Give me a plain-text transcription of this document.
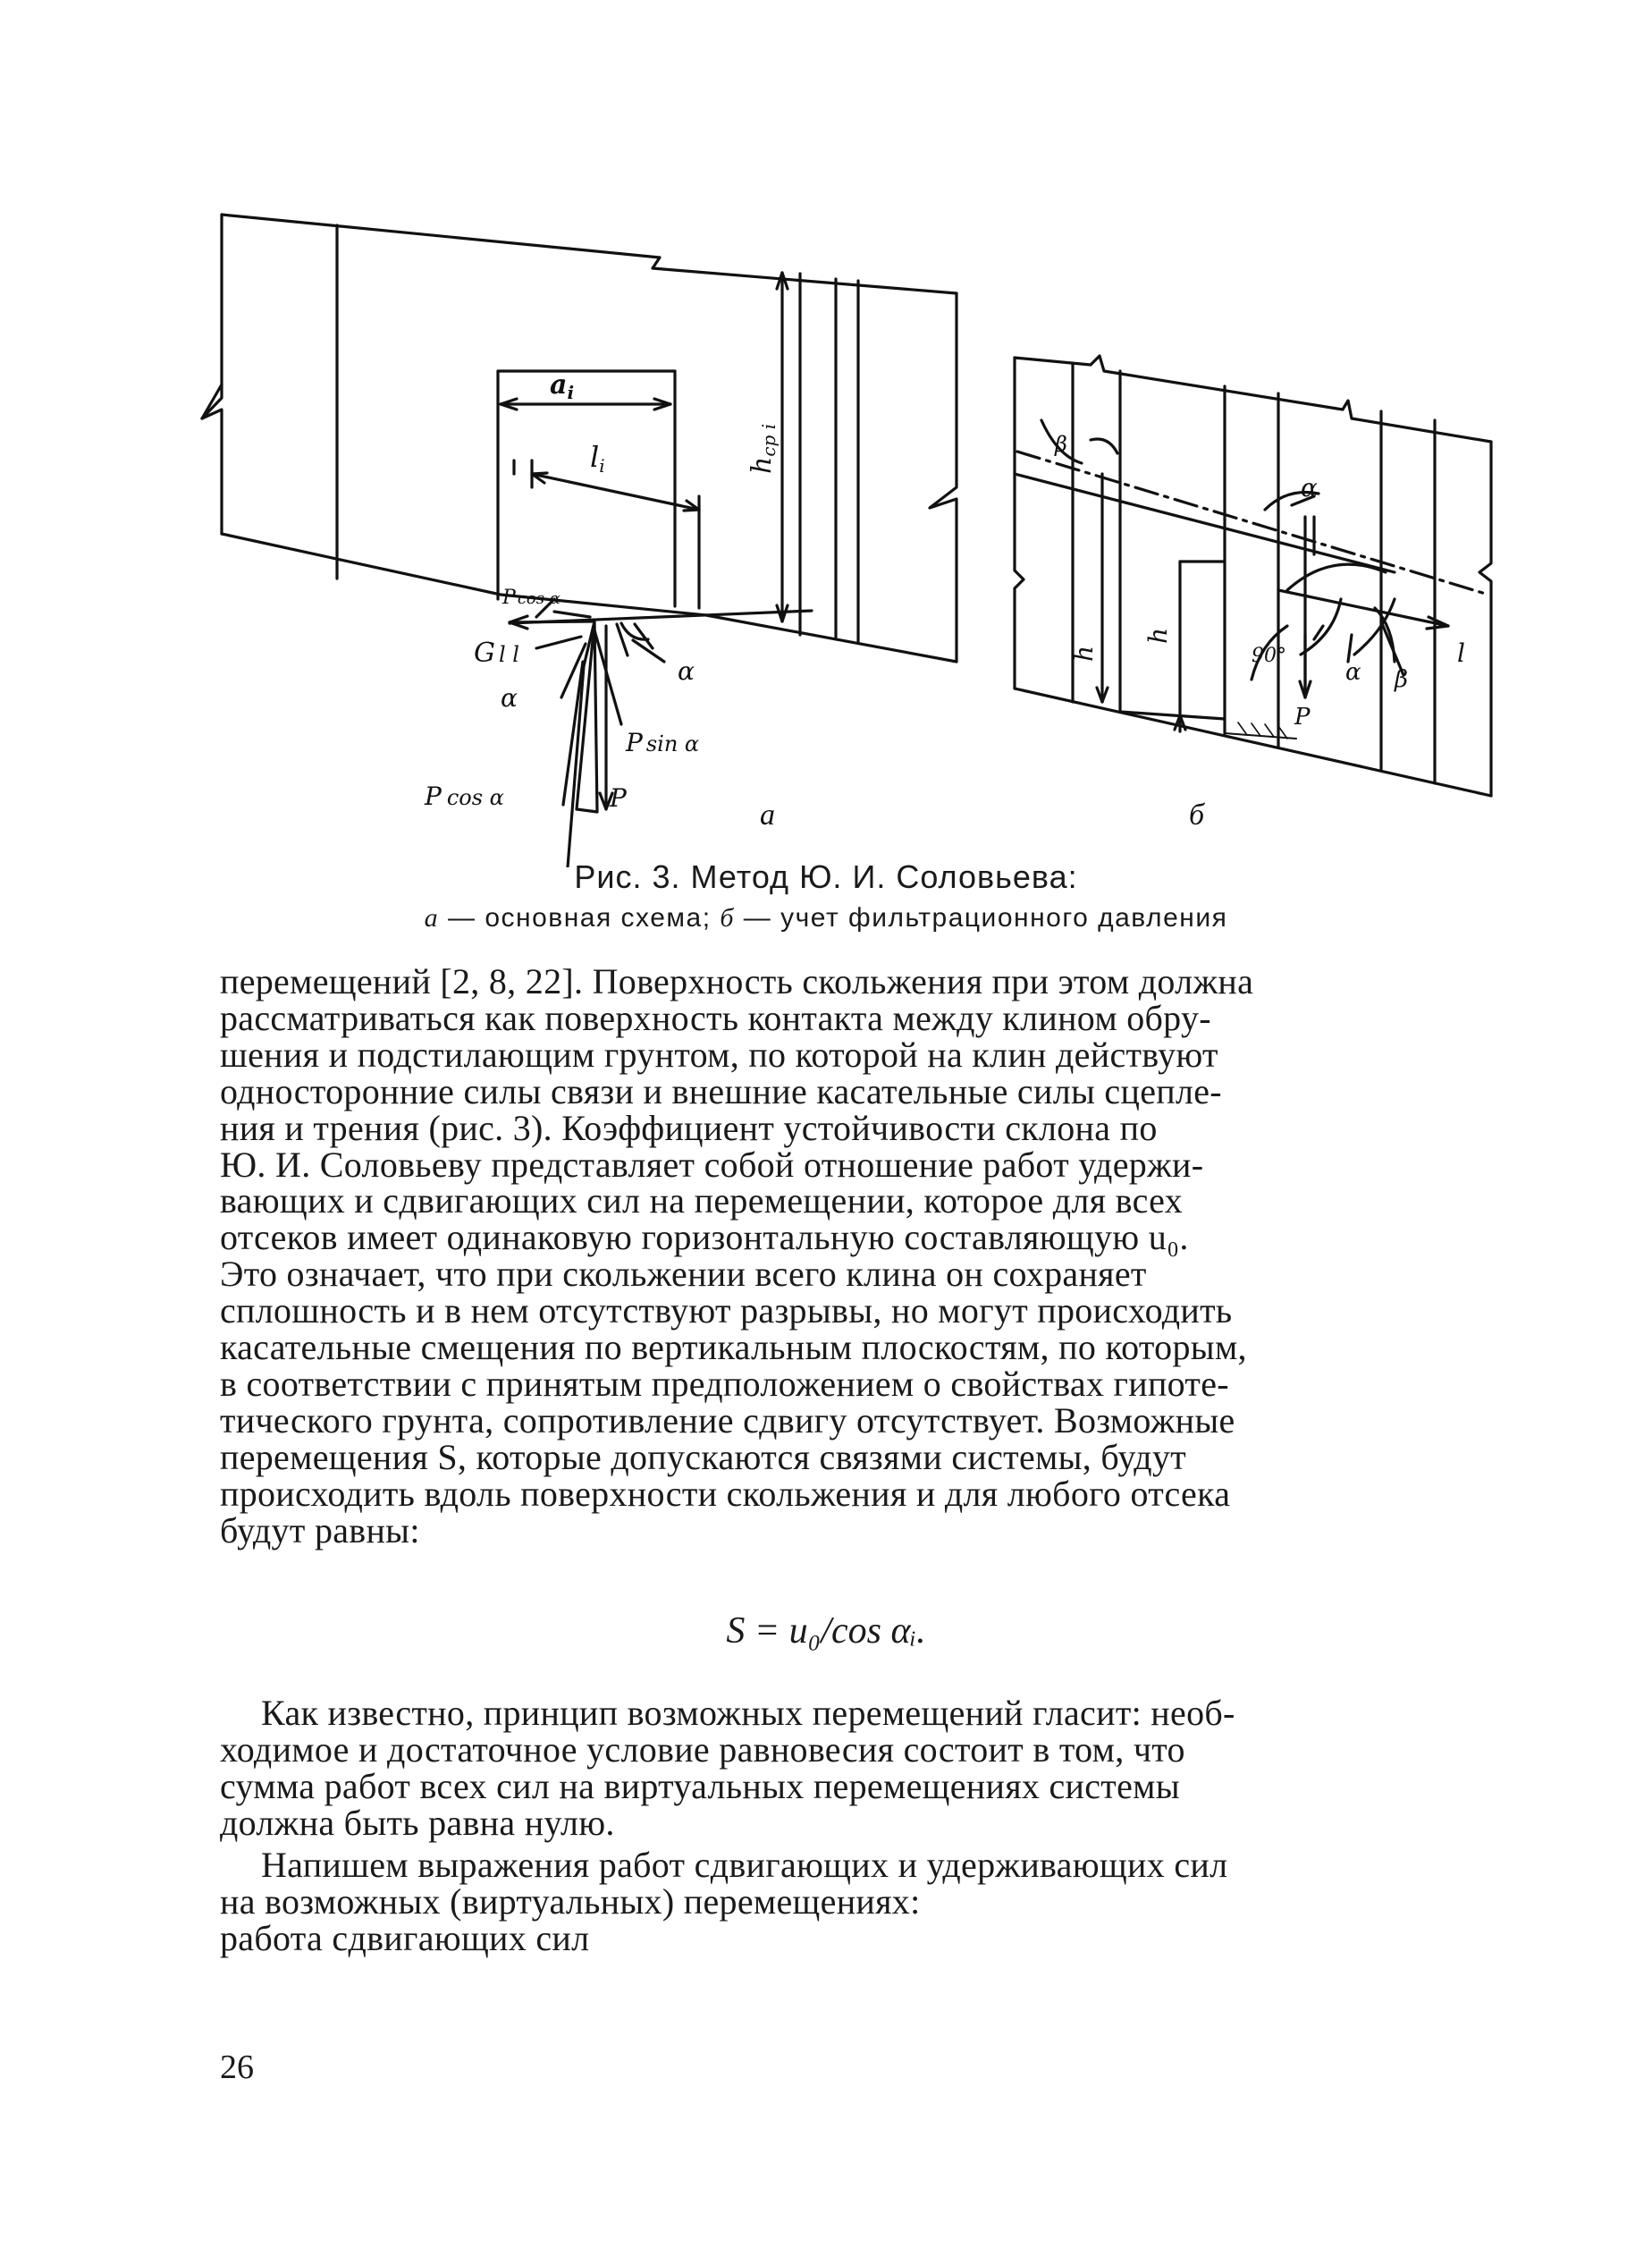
$a_i$
li	hcp i
P cos α
G l l
α
α
P sin α
P cos α	P
а
β
α
h
h
90°
P
α β
l
б
Рис. 3. Метод Ю. И. Соловьева:
а — основная схема; б — учет фильтрационного давления

перемещений [2, 8, 22]. Поверхность скольжения при этом должна

рассматриваться как поверхность контакта между клином обру-

шения и подстилающим грунтом, по которой на клин действуют

односторонние силы связи и внешние касательные силы сцепле-

ния и трения (рис. 3). Коэффициент устойчивости склона по

Ю. И. Соловьеву представляет собой отношение работ удержи-

вающих и сдвигающих сил на перемещении, которое для всех

отсеков имеет одинаковую горизонтальную составляющую u₀.

Это означает, что при скольжении всего клина он сохраняет

сплошность и в нем отсутствуют разрывы, но могут происходить

касательные смещения по вертикальным плоскостям, по которым,

в соответствии с принятым предположением о свойствах гипоте-

тического грунта, сопротивление сдвигу отсутствует. Возможные

перемещения S, которые допускаются связями системы, будут

происходить вдоль поверхности скольжения и для любого отсека

будут равны:

S = u₀/cos αᵢ.

Как известно, принцип возможных перемещений гласит: необ-

ходимое и достаточное условие равновесия состоит в том, что

сумма работ всех сил на виртуальных перемещениях системы

должна быть равна нулю.

Напишем выражения работ сдвигающих и удерживающих сил

на возможных (виртуальных) перемещениях:

работа сдвигающих сил

26
